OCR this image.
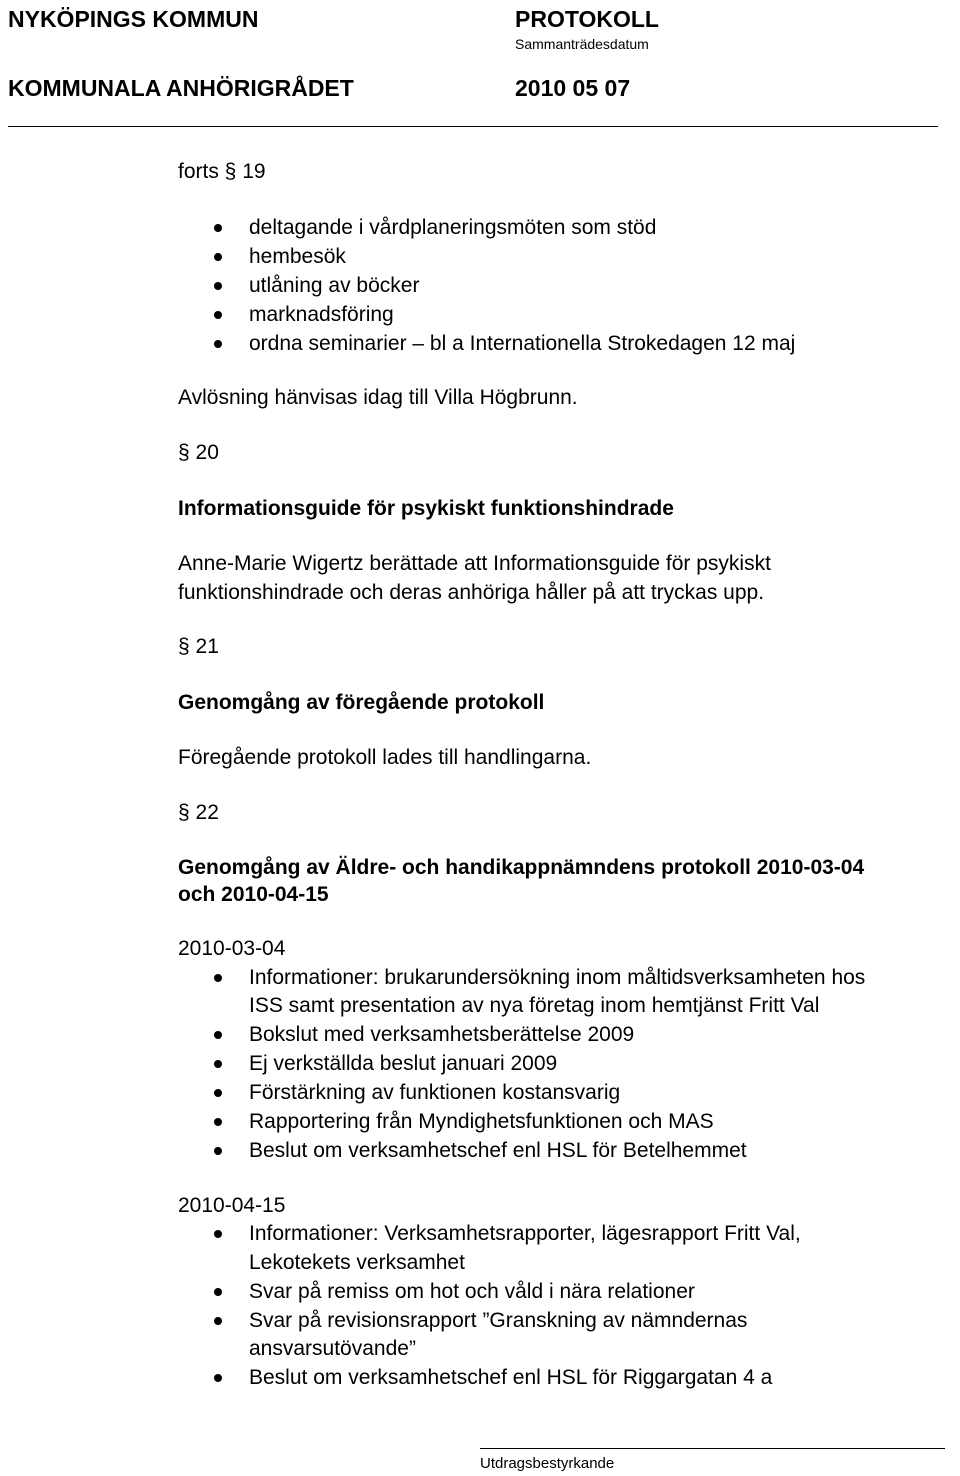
NYKÖPINGS KOMMUN	PROTOKOLL
Sammanträdesdatum
KOMMUNALA ANHÖRIGRÅDET	2010 05 07
forts § 19
deltagande i vårdplaneringsmöten som stöd
hembesök
utlåning av böcker
marknadsföring
ordna seminarier – bl a Internationella Strokedagen 12 maj
Avlösning hänvisas idag till Villa Högbrunn.
§ 20
Informationsguide för psykiskt funktionshindrade
Anne-Marie Wigertz berättade att Informationsguide för psykiskt
funktionshindrade och deras anhöriga håller på att tryckas upp.
§ 21
Genomgång av föregående protokoll
Föregående protokoll lades till handlingarna.
§ 22
Genomgång av Äldre- och handikappnämndens protokoll 2010-03-04
och 2010-04-15
2010-03-04
Informationer: brukarundersökning inom måltidsverksamheten hos
ISS samt presentation av nya företag inom hemtjänst Fritt Val
Bokslut med verksamhetsberättelse 2009
Ej verkställda beslut januari 2009
Förstärkning av funktionen kostansvarig
Rapportering från Myndighetsfunktionen och MAS
Beslut om verksamhetschef enl HSL för Betelhemmet
2010-04-15
Informationer: Verksamhetsrapporter, lägesrapport Fritt Val,
Lekotekets verksamhet
Svar på remiss om hot och våld i nära relationer
Svar på revisionsrapport ”Granskning av nämndernas
ansvarsutövande”
Beslut om verksamhetschef enl HSL för Riggargatan 4 a
Utdragsbestyrkande
